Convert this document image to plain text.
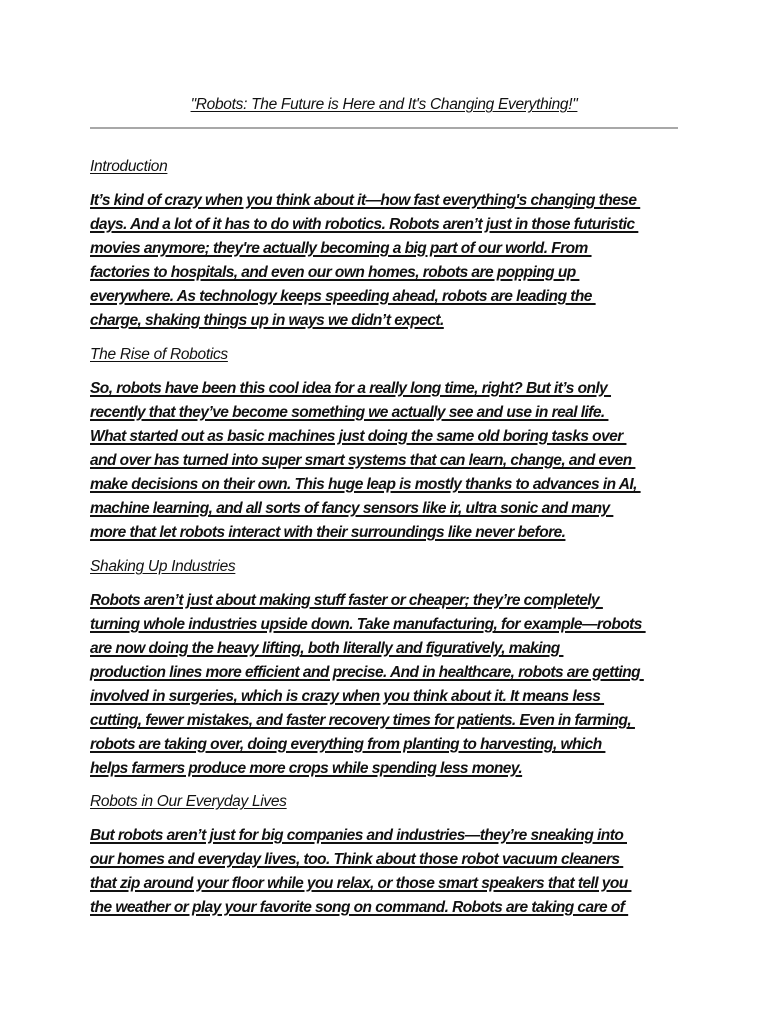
"Robots: The Future is Here and It's Changing Everything!"
Introduction
It’s kind of crazy when you think about it—how fast everything's changing these
days. And a lot of it has to do with robotics. Robots aren’t just in those futuristic
movies anymore; they're actually becoming a big part of our world. From
factories to hospitals, and even our own homes, robots are popping up
everywhere. As technology keeps speeding ahead, robots are leading the
charge, shaking things up in ways we didn’t expect.
The Rise of Robotics
So, robots have been this cool idea for a really long time, right? But it’s only
recently that they’ve become something we actually see and use in real life.
What started out as basic machines just doing the same old boring tasks over
and over has turned into super smart systems that can learn, change, and even
make decisions on their own. This huge leap is mostly thanks to advances in AI,
machine learning, and all sorts of fancy sensors like ir, ultra sonic and many
more that let robots interact with their surroundings like never before.
Shaking Up Industries
Robots aren’t just about making stuff faster or cheaper; they’re completely
turning whole industries upside down. Take manufacturing, for example—robots
are now doing the heavy lifting, both literally and figuratively, making
production lines more efficient and precise. And in healthcare, robots are getting
involved in surgeries, which is crazy when you think about it. It means less
cutting, fewer mistakes, and faster recovery times for patients. Even in farming,
robots are taking over, doing everything from planting to harvesting, which
helps farmers produce more crops while spending less money.
Robots in Our Everyday Lives
But robots aren’t just for big companies and industries—they’re sneaking into
our homes and everyday lives, too. Think about those robot vacuum cleaners
that zip around your floor while you relax, or those smart speakers that tell you
the weather or play your favorite song on command. Robots are taking care of
